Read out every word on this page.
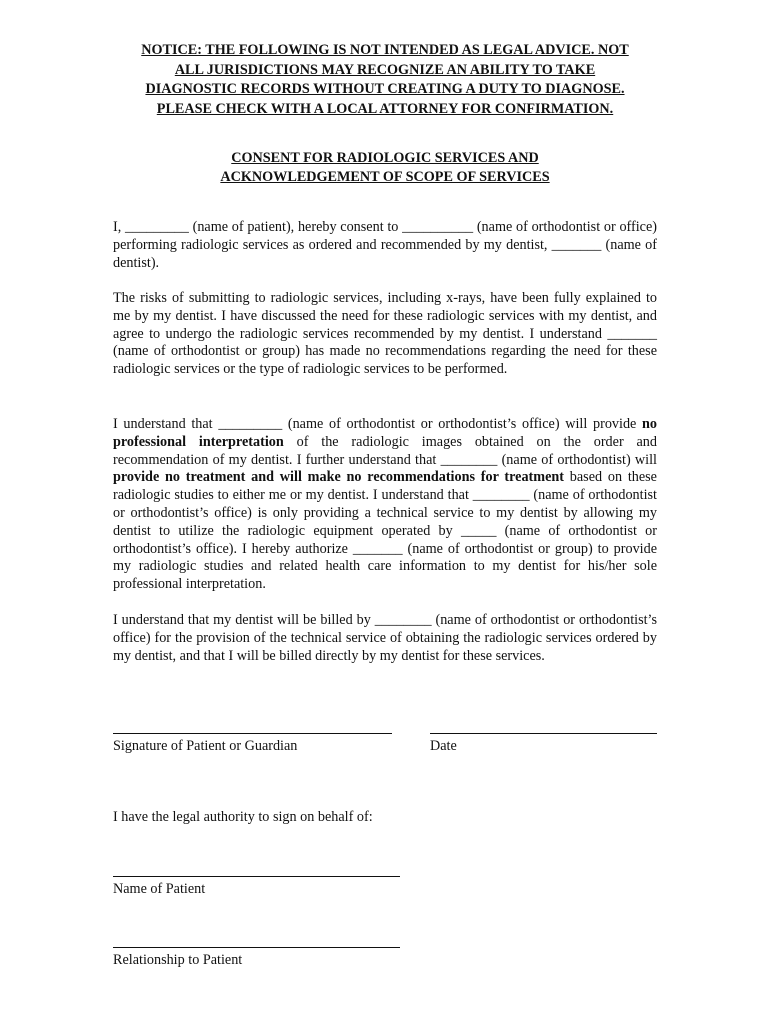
NOTICE: THE FOLLOWING IS NOT INTENDED AS LEGAL ADVICE. NOT
ALL JURISDICTIONS MAY RECOGNIZE AN ABILITY TO TAKE
DIAGNOSTIC RECORDS WITHOUT CREATING A DUTY TO DIAGNOSE.
PLEASE CHECK WITH A LOCAL ATTORNEY FOR CONFIRMATION.
CONSENT FOR RADIOLOGIC SERVICES AND
ACKNOWLEDGEMENT OF SCOPE OF SERVICES

I, _________ (name of patient), hereby consent to __________ (name of orthodontist or office) performing radiologic services as ordered and recommended by my dentist, _______ (name of dentist).

The risks of submitting to radiologic services, including x-rays, have been fully explained to me by my dentist. I have discussed the need for these radiologic services with my dentist, and agree to undergo the radiologic services recommended by my dentist. I understand _______ (name of orthodontist or group) has made no recommendations regarding the need for these radiologic services or the type of radiologic services to be performed.

I understand that _________ (name of orthodontist or orthodontist’s office) will provide no professional interpretation of the radiologic images obtained on the order and recommendation of my dentist. I further understand that ________ (name of orthodontist) will provide no treatment and will make no recommendations for treatment based on these radiologic studies to either me or my dentist. I understand that ________ (name of orthodontist or orthodontist’s office) is only providing a technical service to my dentist by allowing my dentist to utilize the radiologic equipment operated by _____ (name of orthodontist or orthodontist’s office). I hereby authorize _______ (name of orthodontist or group) to provide my radiologic studies and related health care information to my dentist for his/her sole professional interpretation.

I understand that my dentist will be billed by ________ (name of orthodontist or orthodontist’s office) for the provision of the technical service of obtaining the radiologic services ordered by my dentist, and that I will be billed directly by my dentist for these services.

Signature of Patient or Guardian	Date
I have the legal authority to sign on behalf of:
Name of Patient
Relationship to Patient
